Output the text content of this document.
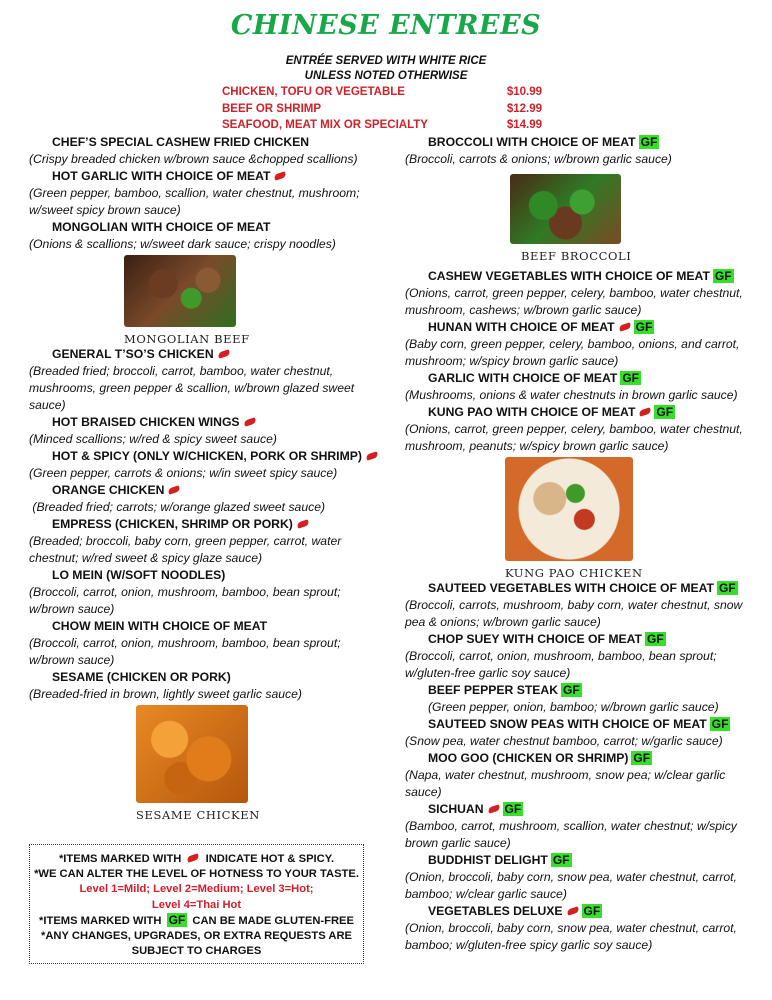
CHINESE ENTREES
ENTRÉE SERVED WITH WHITE RICE
UNLESS NOTED OTHERWISE
CHICKEN, TOFU OR VEGETABLE	$10.99
BEEF OR SHRIMP	$12.99
SEAFOOD, MEAT MIX OR SPECIALTY	$14.99
CHEF’S SPECIAL CASHEW FRIED CHICKEN
(Crispy breaded chicken w/brown sauce &chopped scallions)
HOT GARLIC WITH CHOICE OF MEAT
(Green pepper, bamboo, scallion, water chestnut, mushroom; w/sweet spicy brown sauce)
MONGOLIAN WITH CHOICE OF MEAT
(Onions & scallions; w/sweet dark sauce; crispy noodles)
MONGOLIAN BEEF
GENERAL T’SO’S CHICKEN
(Breaded fried; broccoli, carrot, bamboo, water chestnut, mushrooms, green pepper & scallion, w/brown glazed sweet sauce)
HOT BRAISED CHICKEN WINGS
(Minced scallions; w/red & spicy sweet sauce)
HOT & SPICY (ONLY W/CHICKEN, PORK OR SHRIMP)
(Green pepper, carrots & onions; w/in sweet spicy sauce)
ORANGE CHICKEN
(Breaded fried; carrots; w/orange glazed sweet sauce)
EMPRESS (CHICKEN, SHRIMP OR PORK)
(Breaded; broccoli, baby corn, green pepper, carrot, water chestnut; w/red sweet & spicy glaze sauce)
LO MEIN (W/SOFT NOODLES)
(Broccoli, carrot, onion, mushroom, bamboo, bean sprout; w/brown sauce)
CHOW MEIN WITH CHOICE OF MEAT
(Broccoli, carrot, onion, mushroom, bamboo, bean sprout; w/brown sauce)
SESAME (CHICKEN OR PORK)
(Breaded-fried in brown, lightly sweet garlic sauce)
SESAME CHICKEN
BROCCOLI WITH CHOICE OF MEAT GF
(Broccoli, carrots & onions; w/brown garlic sauce)
BEEF BROCCOLI
CASHEW VEGETABLES WITH CHOICE OF MEAT GF
(Onions, carrot, green pepper, celery, bamboo, water chestnut, mushroom, cashews; w/brown garlic sauce)
HUNAN WITH CHOICE OF MEAT GF
(Baby corn, green pepper, celery, bamboo, onions, and carrot, mushroom; w/spicy brown garlic sauce)
GARLIC WITH CHOICE OF MEAT GF
(Mushrooms, onions & water chestnuts in brown garlic sauce)
KUNG PAO WITH CHOICE OF MEAT GF
(Onions, carrot, green pepper, celery, bamboo, water chestnut, mushroom, peanuts; w/spicy brown garlic sauce)
KUNG PAO CHICKEN
SAUTEED VEGETABLES WITH CHOICE OF MEAT GF
(Broccoli, carrots, mushroom, baby corn, water chestnut, snow pea & onions; w/brown garlic sauce)
CHOP SUEY WITH CHOICE OF MEAT GF
(Broccoli, carrot, onion, mushroom, bamboo, bean sprout; w/gluten-free garlic soy sauce)
BEEF PEPPER STEAK GF
(Green pepper, onion, bamboo; w/brown garlic sauce)
SAUTEED SNOW PEAS WITH CHOICE OF MEAT GF
(Snow pea, water chestnut bamboo, carrot; w/garlic sauce)
MOO GOO (CHICKEN OR SHRIMP) GF
(Napa, water chestnut, mushroom, snow pea; w/clear garlic sauce)
SICHUAN GF
(Bamboo, carrot, mushroom, scallion, water chestnut; w/spicy brown garlic sauce)
BUDDHIST DELIGHT GF
(Onion, broccoli, baby corn, snow pea, water chestnut, carrot, bamboo; w/clear garlic sauce)
VEGETABLES DELUXE GF
(Onion, broccoli, baby corn, snow pea, water chestnut, carrot, bamboo; w/gluten-free spicy garlic soy sauce)
*ITEMS MARKED WITH INDICATE HOT & SPICY.
*WE CAN ALTER THE LEVEL OF HOTNESS TO YOUR TASTE.
Level 1=Mild; Level 2=Medium; Level 3=Hot;
Level 4=Thai Hot
*ITEMS MARKED WITH GF CAN BE MADE GLUTEN-FREE
*ANY CHANGES, UPGRADES, OR EXTRA REQUESTS ARE
SUBJECT TO CHARGES
